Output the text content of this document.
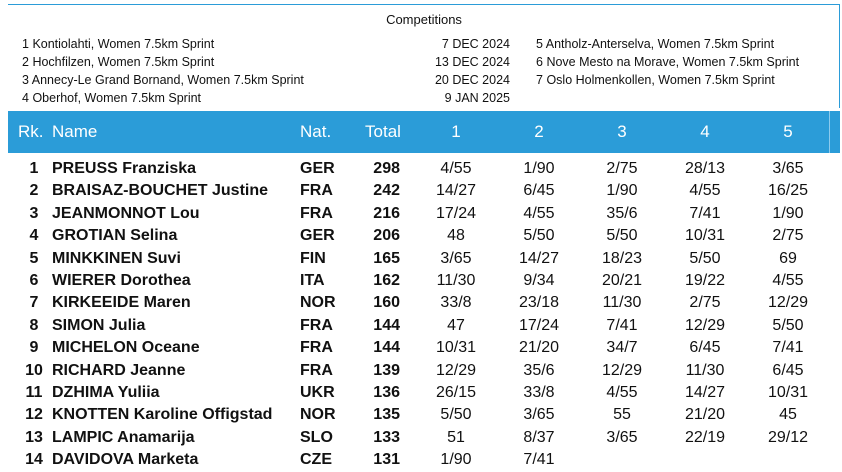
Competitions
1 Kontiolahti, Women 7.5km Sprint	7 DEC 2024
2 Hochfilzen, Women 7.5km Sprint	13 DEC 2024
3 Annecy-Le Grand Bornand, Women 7.5km Sprint	20 DEC 2024
4 Oberhof, Women 7.5km Sprint	9 JAN 2025
5 Antholz-Anterselva, Women 7.5km Sprint
6 Nove Mesto na Morave, Women 7.5km Sprint
7 Oslo Holmenkollen, Women 7.5km Sprint
Rk. Name	Nat.	Total	1	2	3	4	5
1 PREUSS Franziska	GER	298	4/55	1/90	2/75	28/13	3/65
2 BRAISAZ-BOUCHET Justine	FRA	242	14/27	6/45	1/90	4/55	16/25
3 JEANMONNOT Lou	FRA	216	17/24	4/55	35/6	7/41	1/90
4 GROTIAN Selina	GER	206	48	5/50	5/50	10/31	2/75
5 MINKKINEN Suvi	FIN	165	3/65	14/27	18/23	5/50	69
6 WIERER Dorothea	ITA	162	11/30	9/34	20/21	19/22	4/55
7 KIRKEEIDE Maren	NOR	160	33/8	23/18	11/30	2/75	12/29
8 SIMON Julia	FRA	144	47	17/24	7/41	12/29	5/50
9 MICHELON Oceane	FRA	144	10/31	21/20	34/7	6/45	7/41
10 RICHARD Jeanne	FRA	139	12/29	35/6	12/29	11/30	6/45
11 DZHIMA Yuliia	UKR	136	26/15	33/8	4/55	14/27	10/31
12 KNOTTEN Karoline Offigstad	NOR	135	5/50	3/65	55	21/20	45
13 LAMPIC Anamarija	SLO	133	51	8/37	3/65	22/19	29/12
14 DAVIDOVA Marketa	CZE	131	1/90	7/41
